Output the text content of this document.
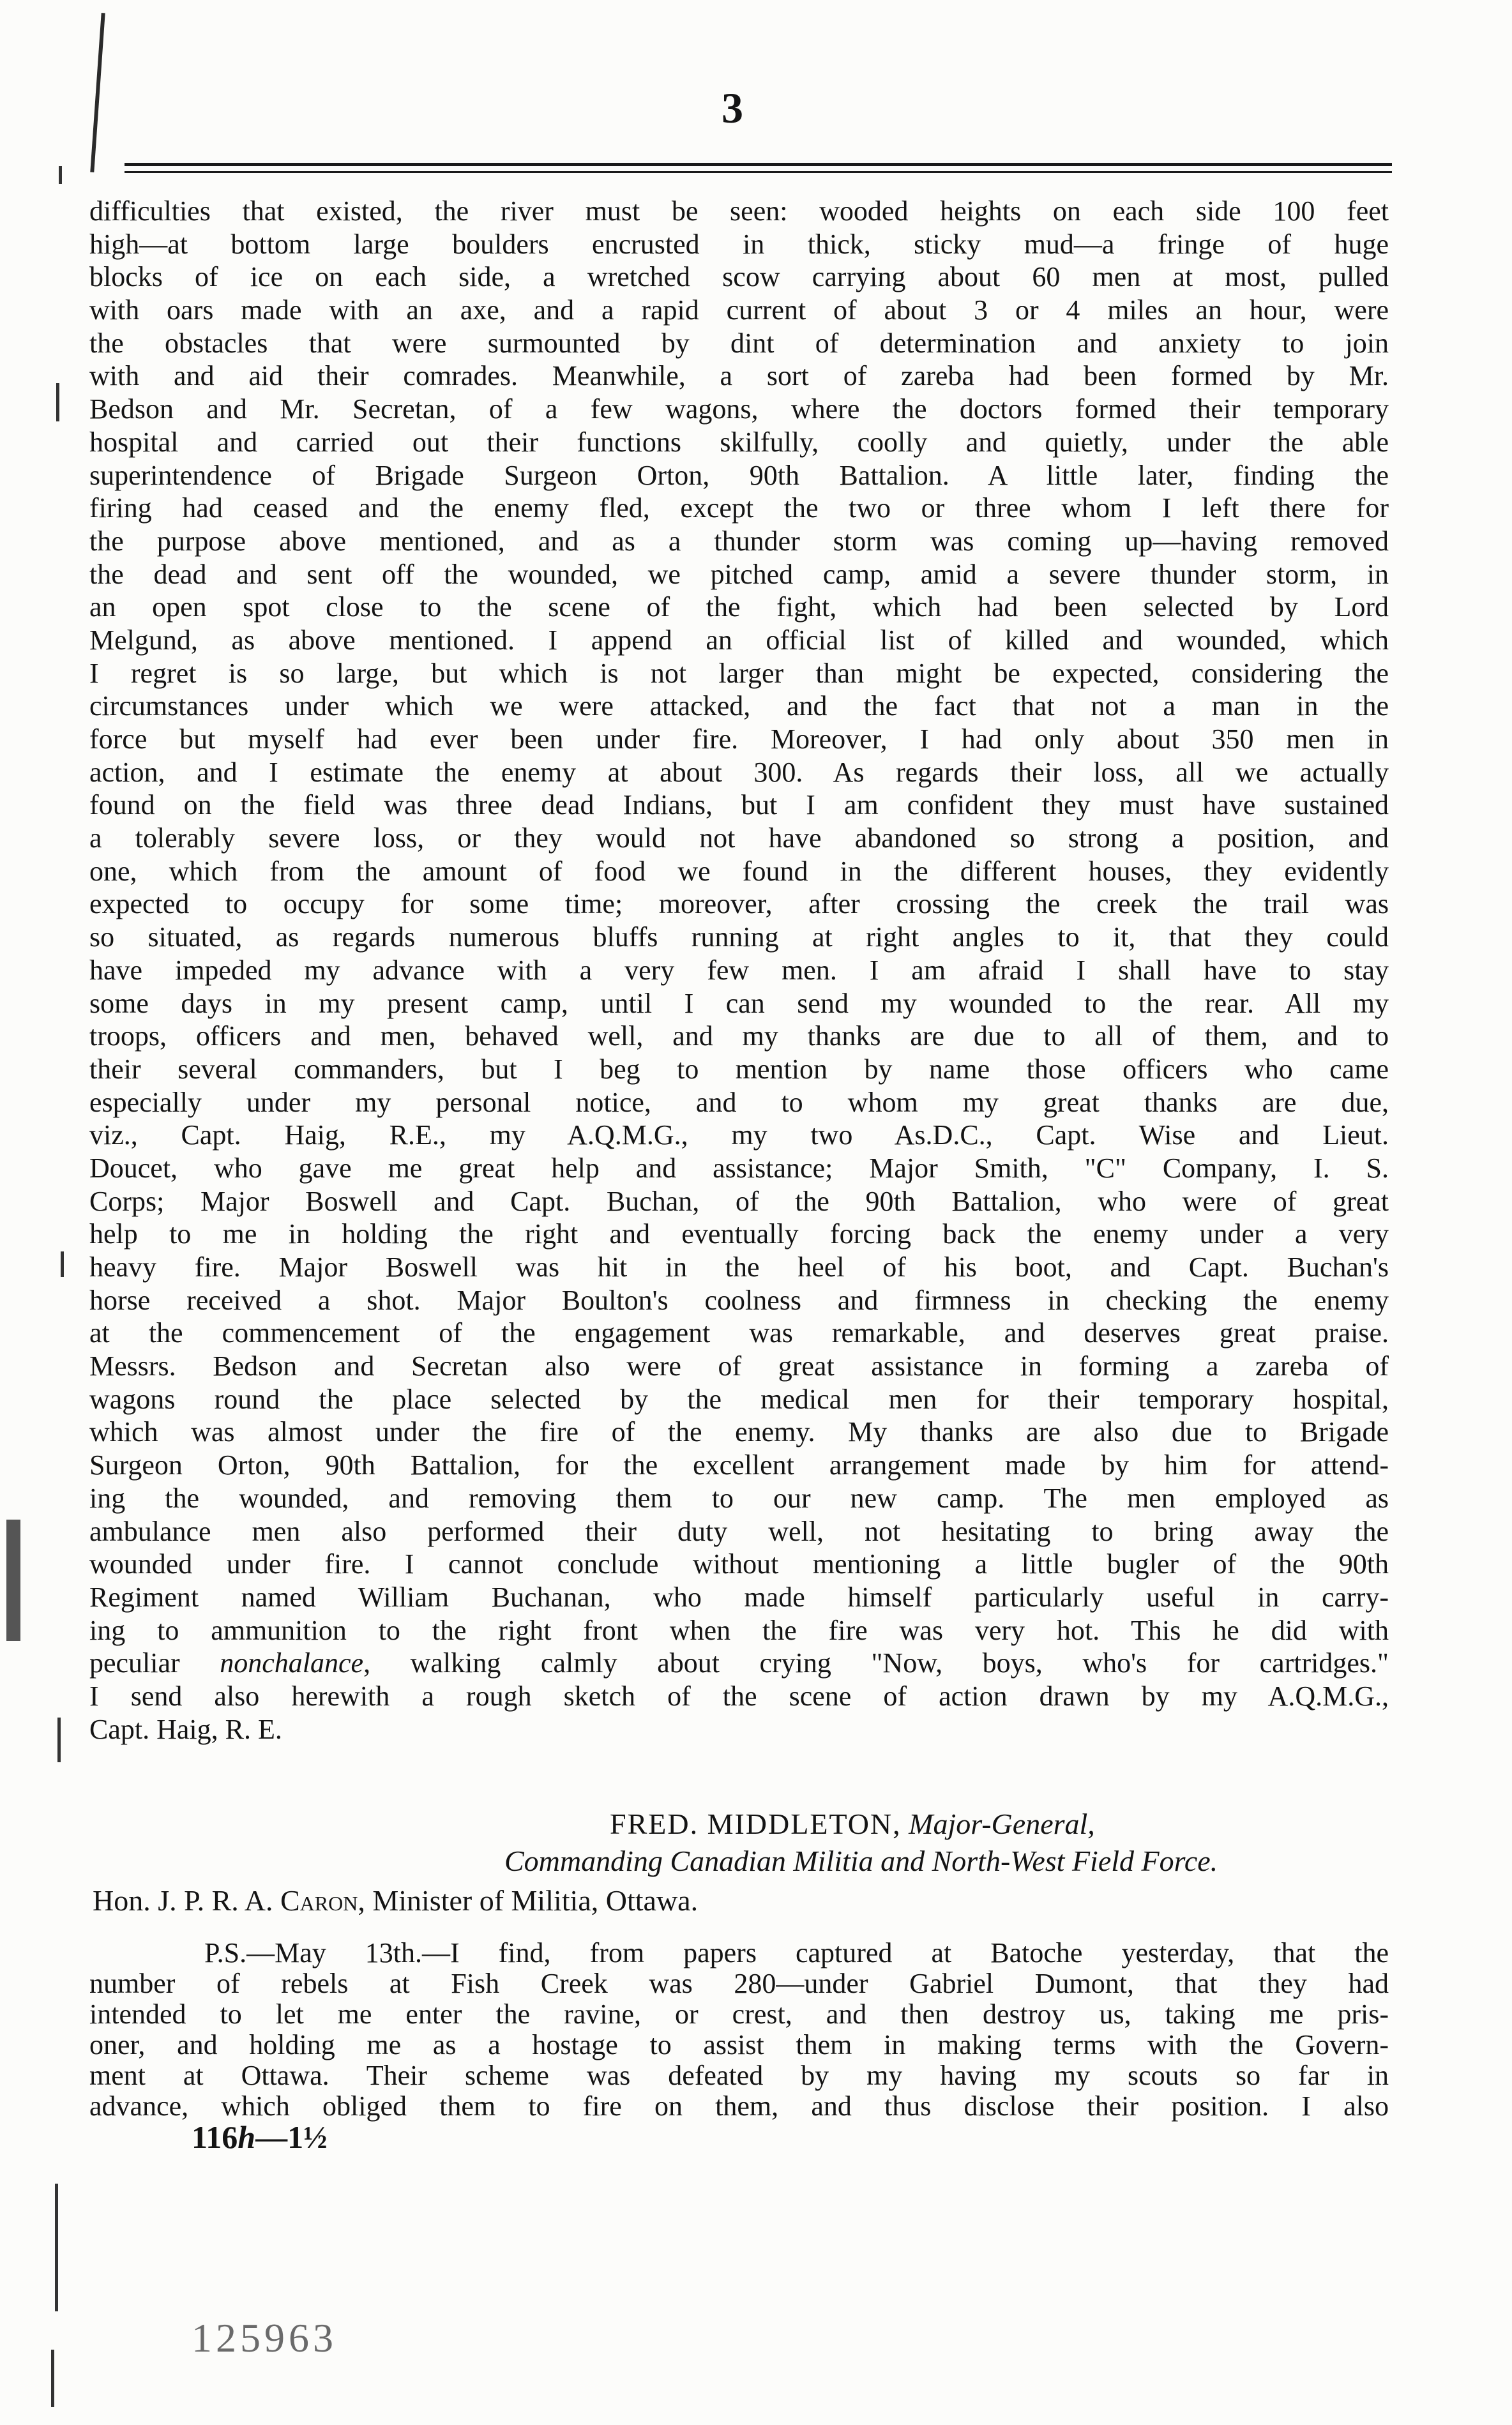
3
difficulties that existed, the river must be seen: wooded heights on each side 100 feet
high—at bottom large boulders encrusted in thick, sticky mud—a fringe of huge
blocks of ice on each side, a wretched scow carrying about 60 men at most, pulled
with oars made with an axe, and a rapid current of about 3 or 4 miles an hour, were
the obstacles that were surmounted by dint of determination and anxiety to join
with and aid their comrades. Meanwhile, a sort of zareba had been formed by Mr.
Bedson and Mr. Secretan, of a few wagons, where the doctors formed their temporary
hospital and carried out their functions skilfully, coolly and quietly, under the able
superintendence of Brigade Surgeon Orton, 90th Battalion. A little later, finding the
firing had ceased and the enemy fled, except the two or three whom I left there for
the purpose above mentioned, and as a thunder storm was coming up—having removed
the dead and sent off the wounded, we pitched camp, amid a severe thunder storm, in
an open spot close to the scene of the fight, which had been selected by Lord
Melgund, as above mentioned. I append an official list of killed and wounded, which
I regret is so large, but which is not larger than might be expected, considering the
circumstances under which we were attacked, and the fact that not a man in the
force but myself had ever been under fire. Moreover, I had only about 350 men in
action, and I estimate the enemy at about 300. As regards their loss, all we actually
found on the field was three dead Indians, but I am confident they must have sustained
a tolerably severe loss, or they would not have abandoned so strong a position, and
one, which from the amount of food we found in the different houses, they evidently
expected to occupy for some time; moreover, after crossing the creek the trail was
so situated, as regards numerous bluffs running at right angles to it, that they could
have impeded my advance with a very few men. I am afraid I shall have to stay
some days in my present camp, until I can send my wounded to the rear. All my
troops, officers and men, behaved well, and my thanks are due to all of them, and to
their several commanders, but I beg to mention by name those officers who came
especially under my personal notice, and to whom my great thanks are due,
viz., Capt. Haig, R.E., my A.Q.M.G., my two As.D.C., Capt. Wise and Lieut.
Doucet, who gave me great help and assistance; Major Smith, "C" Company, I. S.
Corps; Major Boswell and Capt. Buchan, of the 90th Battalion, who were of great
help to me in holding the right and eventually forcing back the enemy under a very
heavy fire. Major Boswell was hit in the heel of his boot, and Capt. Buchan's
horse received a shot. Major Boulton's coolness and firmness in checking the enemy
at the commencement of the engagement was remarkable, and deserves great praise.
Messrs. Bedson and Secretan also were of great assistance in forming a zareba of
wagons round the place selected by the medical men for their temporary hospital,
which was almost under the fire of the enemy. My thanks are also due to Brigade
Surgeon Orton, 90th Battalion, for the excellent arrangement made by him for attend-
ing the wounded, and removing them to our new camp. The men employed as
ambulance men also performed their duty well, not hesitating to bring away the
wounded under fire. I cannot conclude without mentioning a little bugler of the 90th
Regiment named William Buchanan, who made himself particularly useful in carry-
ing to ammunition to the right front when the fire was very hot. This he did with
peculiar nonchalance, walking calmly about crying "Now, boys, who's for cartridges."
I send also herewith a rough sketch of the scene of action drawn by my A.Q.M.G.,
Capt. Haig, R. E.
FRED. MIDDLETON, Major-General,
Commanding Canadian Militia and North-West Field Force.
Hon. J. P. R. A. Caron, Minister of Militia, Ottawa.
P.S.—May 13th.—I find, from papers captured at Batoche yesterday, that the
number of rebels at Fish Creek was 280—under Gabriel Dumont, that they had
intended to let me enter the ravine, or crest, and then destroy us, taking me pris-
oner, and holding me as a hostage to assist them in making terms with the Govern-
ment at Ottawa. Their scheme was defeated by my having my scouts so far in
advance, which obliged them to fire on them, and thus disclose their position. I also
116h—1½
125963
